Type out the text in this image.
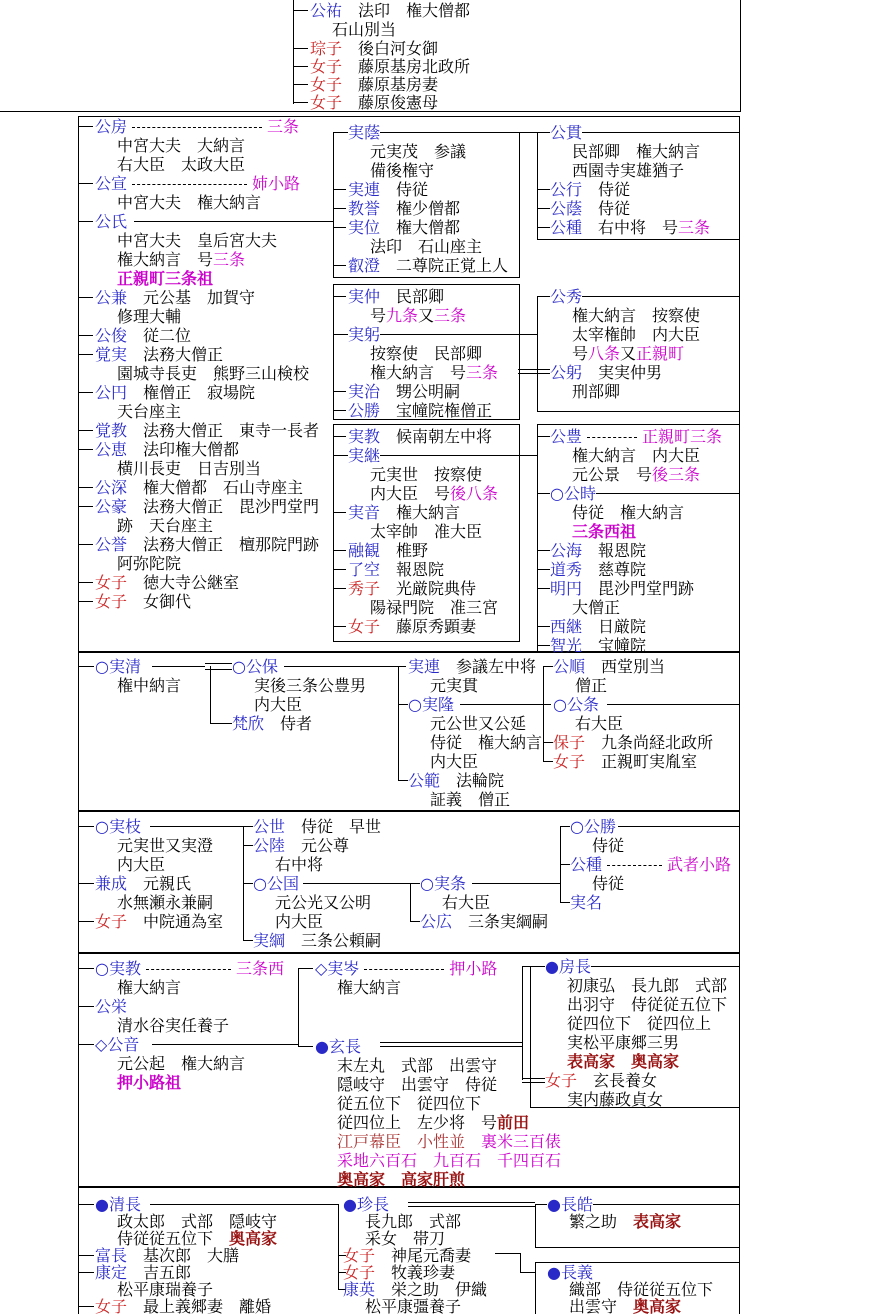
公祐　法印　権大僧都
石山別当
琮子　後白河女御
女子　藤原基房北政所
女子　藤原基房妻
女子　藤原俊憲母
公房	三条
中宮大夫　大納言
右大臣　太政大臣
公宣	姉小路
中宮大夫　権大納言
公氏
中宮大夫　皇后宮大夫
権大納言　号三条
正親町三条祖
公兼　元公基　加賀守
修理大輔
公俊　従二位
覚実　法務大僧正
園城寺長吏　熊野三山検校
公円　権僧正　寂場院
天台座主
覚教　法務大僧正　東寺一長者
公恵　法印権大僧都
横川長吏　日吉別当
公深　権大僧都　石山寺座主
公豪　法務大僧正　毘沙門堂門
跡　天台座主
公誉　法務大僧正　檀那院門跡
阿弥陀院
女子　徳大寺公継室
女子　女御代
実蔭
元実茂　参議
備後権守
実連　侍従
教誉　権少僧都
実位　権大僧都
法印　石山座主
叡澄　二尊院正覚上人
公貫
民部卿　権大納言
西園寺実雄猶子
公行　侍従
公蔭　侍従
公種　右中将　号三条
実仲　民部卿
号九条又三条
実躬
按察使　民部卿
権大納言　号三条
実治　甥公明嗣
公勝　宝幢院権僧正
公秀
権大納言　按察使
太宰権帥　内大臣
号八条又正親町
公躬　実実仲男
刑部卿
実教　候南朝左中将
実継
元実世　按察使
内大臣　号後八条
実音　権大納言
太宰帥　准大臣
融観　椎野
了空　報恩院
秀子　光厳院典侍
陽禄門院　准三宮
女子　藤原秀顕妻
公豊	正親町三条
権大納言　内大臣
元公景　号後三条
○公時
侍従　権大納言
三条西祖
公海　報恩院
道秀　慈尊院
明円　毘沙門堂門跡
大僧正
西継　日厳院
智光　宝幢院
○実清
権中納言
○公保
実後三条公豊男
内大臣
梵欣　侍者
実連　参議左中将
元実貫
○実隆
元公世又公延
侍従　権大納言
内大臣
公範　法輪院
証義　僧正
公順　西堂別当
僧正
○公条
右大臣
保子　九条尚経北政所
女子　正親町実胤室
○実枝
元実世又実澄
内大臣
兼成　元親氏
水無瀬永兼嗣
女子　中院通為室
公世　侍従　早世
公陸　元公尊
右中将
○公国
元公光又公明
内大臣
実綱　三条公頼嗣
○実条
右大臣
公広　三条実綱嗣
○公勝
侍従
公種	武者小路
侍従
実名
○実教	三条西
権大納言
公栄
清水谷実任養子
◇公音
元公起　権大納言
押小路祖
◇実岑	押小路
権大納言
●玄長
末左丸　式部　出雲守
隠岐守　出雲守　侍従
従五位下　従四位下
従四位上　左少将　号前田
江戸幕臣　小性並　裏米三百俵
采地六百石　九百石　千四百石
奥高家　高家肝煎
●房長
初康弘　長九郎　式部
出羽守　侍従従五位下
従四位下　従四位上
実松平康郷三男
表高家　奥高家
女子　玄長養女
実内藤政貞女
●清長
政太郎　式部　隠岐守
侍従従五位下　奥高家
富長　基次郎　大膳
康定　吉五郎
松平康瑞養子
女子　最上義郷妻　離婚
●珍長
長九郎　式部
采女　帯刀
女子　神尾元喬妻
女子　牧義珍妻
康英　栄之助　伊織
松平康彊養子
●長皓
繁之助　表高家
●長義
織部　侍従従五位下
出雲守　奥高家
